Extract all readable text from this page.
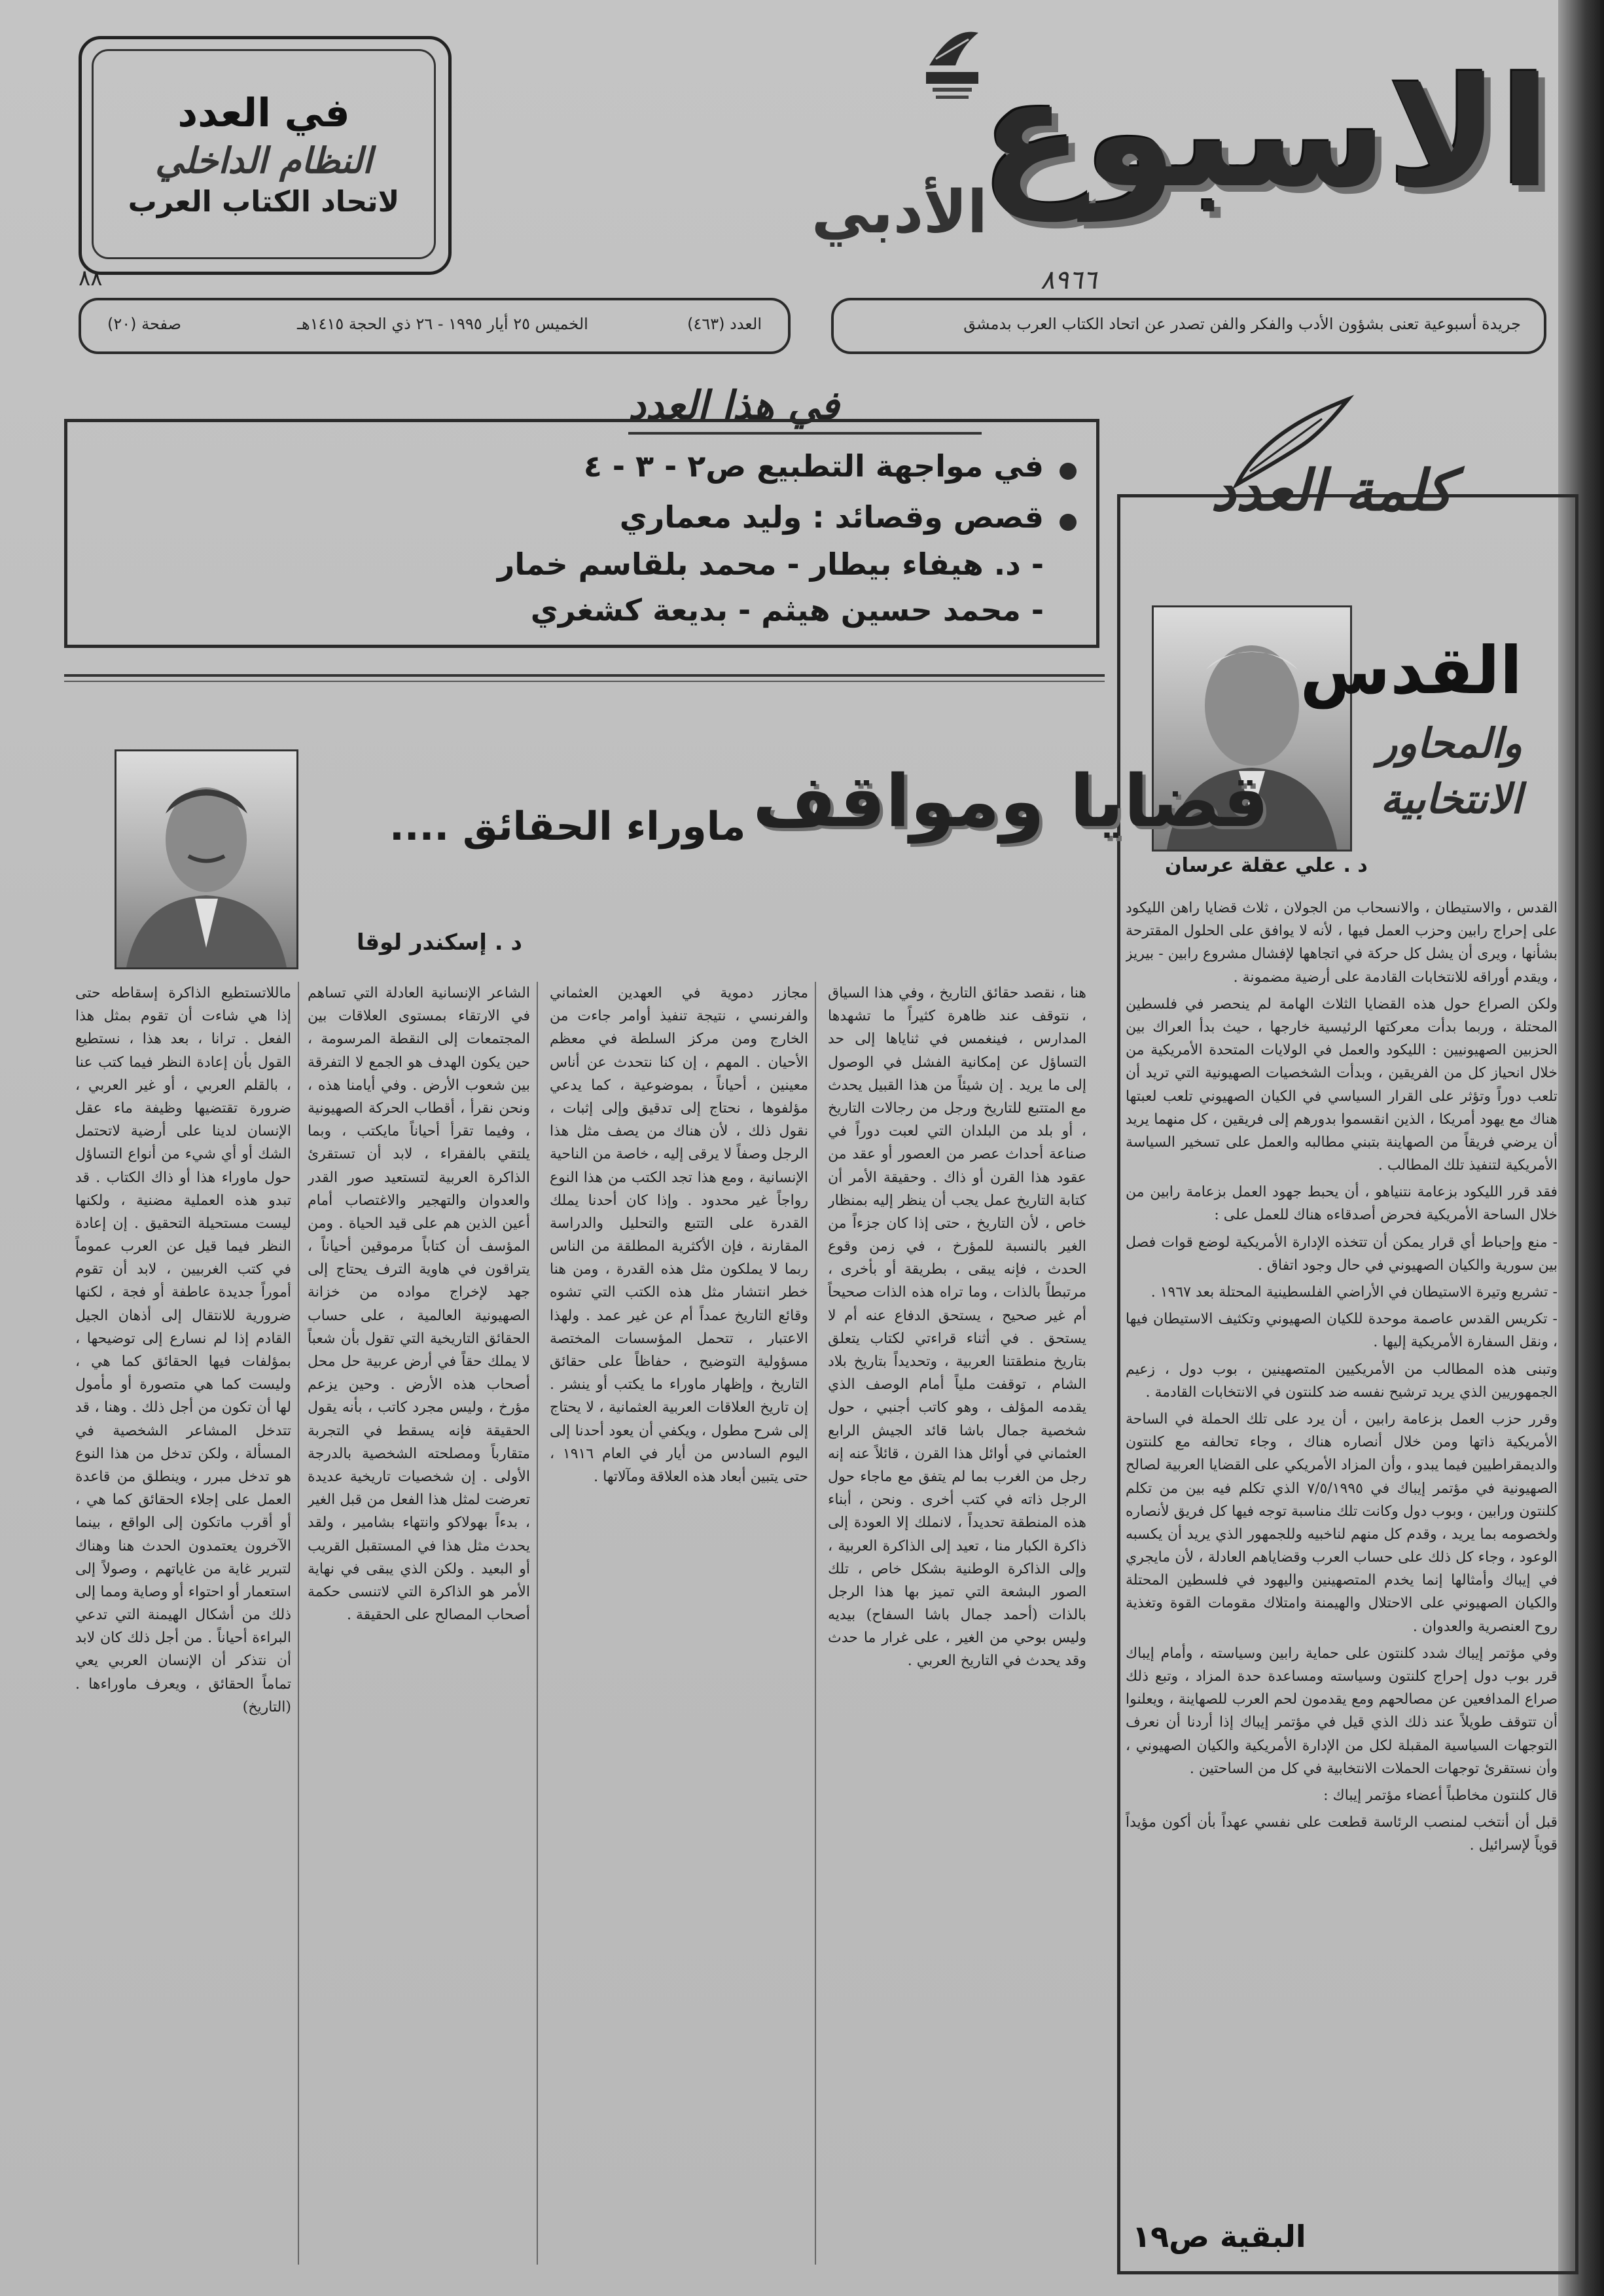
في العدد
النظام الداخلي
لاتحاد الكتاب العرب	الاسبوع
الأدبي
٨٩٦٦
٨٨
العدد (٤٦٣)
الخميس ٢٥ أيار ١٩٩٥ - ٢٦ ذي الحجة ١٤١٥هـ
(٢٠) صفحة	جريدة أسبوعية تعنى بشؤون الأدب والفكر والفن تصدر عن اتحاد الكتاب العرب بدمشق
في هذا العدد
في مواجهة التطبيع ص٢ - ٣ - ٤
قصص وقصائد : وليد معماري
- د. هيفاء بيطار - محمد بلقاسم خمار
- محمد حسين هيثم - بديعة كشغري
كلمة العدد
د . علي عقلة عرسان
القدس
والمحاور
الانتخابية

القدس ، والاستيطان ، والانسحاب من الجولان ، ثلاث قضايا راهن الليكود على إحراج رابين وحزب العمل فيها ، لأنه لا يوافق على الحلول المقترحة بشأنها ، ويرى أن يشل كل حركة في اتجاهها لإفشال مشروع رابين - بيريز ، ويقدم أوراقه للانتخابات القادمة على أرضية مضمونة .

ولكن الصراع حول هذه القضايا الثلاث الهامة لم ينحصر في فلسطين المحتلة ، وربما بدأت معركتها الرئيسية خارجها ، حيث بدأ العراك بين الحزبين الصهيونيين : الليكود والعمل في الولايات المتحدة الأمريكية من خلال انحياز كل من الفريقين ، وبدأت الشخصيات الصهيونية التي تريد أن تلعب دوراً وتؤثر على القرار السياسي في الكيان الصهيوني تلعب لعبتها هناك مع يهود أمريكا ، الذين انقسموا بدورهم إلى فريقين ، كل منهما يريد أن يرضي فريقاً من الصهاينة بتبني مطالبه والعمل على تسخير السياسة الأمريكية لتنفيذ تلك المطالب .

فقد قرر الليكود بزعامة نتنياهو ، أن يحبط جهود العمل بزعامة رابين من خلال الساحة الأمريكية فحرض أصدقاءه هناك للعمل على :

- منع وإحباط أي قرار يمكن أن تتخذه الإدارة الأمريكية لوضع قوات فصل بين سورية والكيان الصهيوني في حال وجود اتفاق .

- تشريع وتيرة الاستيطان في الأراضي الفلسطينية المحتلة بعد ١٩٦٧ .

- تكريس القدس عاصمة موحدة للكيان الصهيوني وتكثيف الاستيطان فيها ، ونقل السفارة الأمريكية إليها .

وتبنى هذه المطالب من الأمريكيين المتصهينين ، بوب دول ، زعيم الجمهوريين الذي يريد ترشيح نفسه ضد كلنتون في الانتخابات القادمة .

وقرر حزب العمل بزعامة رابين ، أن يرد على تلك الحملة في الساحة الأمريكية ذاتها ومن خلال أنصاره هناك ، وجاء تحالفه مع كلنتون والديمقراطيين فيما يبدو ، وأن المزاد الأمريكي على القضايا العربية لصالح الصهيونية في مؤتمر إيباك في ٧/٥/١٩٩٥ الذي تكلم فيه بين من تكلم كلنتون ورابين ، وبوب دول وكانت تلك مناسبة توجه فيها كل فريق لأنصاره ولخصومه بما يريد ، وقدم كل منهم لناخبيه وللجمهور الذي يريد أن يكسبه الوعود ، وجاء كل ذلك على حساب العرب وقضاياهم العادلة ، لأن مايجري في إيباك وأمثالها إنما يخدم المتصهينين واليهود في فلسطين المحتلة والكيان الصهيوني على الاحتلال والهيمنة وامتلاك مقومات القوة وتغذية روح العنصرية والعدوان .

وفي مؤتمر إيباك شدد كلنتون على حماية رابين وسياسته ، وأمام إيباك قرر بوب دول إحراج كلنتون وسياسته ومساعدة حدة المزاد ، وتبع ذلك صراع المدافعين عن مصالحهم ومع يقدمون لحم العرب للصهاينة ، ويعلنوا أن تتوقف طويلاً عند ذلك الذي قيل في مؤتمر إيباك إذا أردنا أن نعرف التوجهات السياسية المقبلة لكل من الإدارة الأمريكية والكيان الصهيوني ، وأن نستقرئ توجهات الحملات الانتخابية في كل من الساحتين .

قال كلنتون مخاطباً أعضاء مؤتمر إيباك :

قبل أن أنتخب لمنصب الرئاسة قطعت على نفسي عهداً بأن أكون مؤيداً قوياً لإسرائيل .

البقية ص١٩
قضايا ومواقف
ماوراء الحقائق ....
د . إسكندر لوقا
هنا ، نقصد حقائق التاريخ ، وفي هذا السياق ، نتوقف عند ظاهرة كثيراً ما تشهدها المدارس ، فينغمس في ثناياها إلى حد التساؤل عن إمكانية الفشل في الوصول إلى ما يريد . إن شيئاً من هذا القبيل يحدث مع المتتبع للتاريخ ورجل من رجالات التاريخ ، أو بلد من البلدان التي لعبت دوراً في صناعة أحداث عصر من العصور أو عقد من عقود هذا القرن أو ذاك . وحقيقة الأمر أن كتابة التاريخ عمل يجب أن ينظر إليه بمنظار خاص ، لأن التاريخ ، حتى إذا كان جزءاً من الغير بالنسبة للمؤرخ ، في زمن وقوع الحدث ، فإنه يبقى ، بطريقة أو بأخرى ، مرتبطاً بالذات ، وما تراه هذه الذات صحيحاً أم غير صحيح ، يستحق الدفاع عنه أم لا يستحق . في أثناء قراءتي لكتاب يتعلق بتاريخ منطقتنا العربية ، وتحديداً بتاريخ بلاد الشام ، توقفت ملياً أمام الوصف الذي يقدمه المؤلف ، وهو كاتب أجنبي ، حول شخصية جمال باشا قائد الجيش الرابع العثماني في أوائل هذا القرن ، قائلاً عنه إنه رجل من الغرب بما لم يتفق مع ماجاء حول الرجل ذاته في كتب أخرى . ونحن ، أبناء هذه المنطقة تحديداً ، لانملك إلا العودة إلى ذاكرة الكبار منا ، تعيد إلى الذاكرة العربية ، وإلى الذاكرة الوطنية بشكل خاص ، تلك الصور البشعة التي تميز بها هذا الرجل بالذات (أحمد جمال باشا السفاح) بيديه وليس بوحي من الغير ، على غرار ما حدث وقد يحدث في التاريخ العربي .
مجازر دموية في العهدين العثماني والفرنسي ، نتيجة تنفيذ أوامر جاءت من الخارج ومن مركز السلطة في معظم الأحيان . المهم ، إن كنا نتحدث عن أناس معينين ، أحياناً ، بموضوعية ، كما يدعي مؤلفوها ، نحتاج إلى تدقيق وإلى إثبات ، نقول ذلك ، لأن هناك من يصف مثل هذا الرجل وصفاً لا يرقى إليه ، خاصة من الناحية الإنسانية ، ومع هذا تجد الكتب من هذا النوع رواجاً غير محدود . وإذا كان أحدنا يملك القدرة على التتبع والتحليل والدراسة المقارنة ، فإن الأكثرية المطلقة من الناس ربما لا يملكون مثل هذه القدرة ، ومن هنا خطر انتشار مثل هذه الكتب التي تشوه وقائع التاريخ عمداً أم عن غير عمد . ولهذا الاعتبار ، تتحمل المؤسسات المختصة مسؤولية التوضيح ، حفاظاً على حقائق التاريخ ، وإظهار ماوراء ما يكتب أو ينشر . إن تاريخ العلاقات العربية العثمانية ، لا يحتاج إلى شرح مطول ، ويكفي أن يعود أحدنا إلى اليوم السادس من أيار في العام ١٩١٦ ، حتى يتبين أبعاد هذه العلاقة ومآلاتها .
الشاعر الإنسانية العادلة التي تساهم في الارتقاء بمستوى العلاقات بين المجتمعات إلى النقطة المرسومة ، حين يكون الهدف هو الجمع لا التفرقة بين شعوب الأرض . وفي أيامنا هذه ، ونحن نقرأ ، أقطاب الحركة الصهيونية ، وفيما تقرأ أحياناً مايكتب ، وبما يلتقي بالفقراء ، لابد أن تستقرئ الذاكرة العربية لتستعيد صور القدر والعدوان والتهجير والاغتصاب أمام أعين الذين هم على قيد الحياة . ومن المؤسف أن كتاباً مرموقين أحياناً ، يتراقون في هاوية الترف يحتاج إلى جهد لإخراج مواده من خزانة الصهيونية العالمية ، على حساب الحقائق التاريخية التي تقول بأن شعباً لا يملك حقاً في أرض عربية حل محل أصحاب هذه الأرض . وحين يزعم مؤرخ ، وليس مجرد كاتب ، بأنه يقول الحقيقة فإنه يسقط في التجربة متقارباً ومصلحته الشخصية بالدرجة الأولى . إن شخصيات تاريخية عديدة تعرضت لمثل هذا الفعل من قبل الغير ، بدءاً بهولاكو وانتهاء بشامير ، ولقد يحدث مثل هذا في المستقبل القريب أو البعيد . ولكن الذي يبقى في نهاية الأمر هو الذاكرة التي لاتنسى حكمة أصحاب المصالح على الحقيقة .
ماللاتستطيع الذاكرة إسقاطه حتى إذا هي شاءت أن تقوم بمثل هذا الفعل . ترانا ، بعد هذا ، نستطيع القول بأن إعادة النظر فيما كتب عنا ، بالقلم العربي ، أو غير العربي ، ضرورة تقتضيها وظيفة ماء عقل الإنسان لدينا على أرضية لاتحتمل الشك أو أي شيء من أنواع التساؤل حول ماوراء هذا أو ذاك الكتاب . قد تبدو هذه العملية مضنية ، ولكنها ليست مستحيلة التحقيق . إن إعادة النظر فيما قيل عن العرب عموماً في كتب الغربيين ، لابد أن تقوم أموراً جديدة عاطفة أو فجة ، لكنها ضرورية للانتقال إلى أذهان الجيل القادم إذا لم نسارع إلى توضيحها ، بمؤلفات فيها الحقائق كما هي ، وليست كما هي متصورة أو مأمول لها أن تكون من أجل ذلك . وهنا ، قد تتدخل المشاعر الشخصية في المسألة ، ولكن تدخل من هذا النوع هو تدخل مبرر ، وينطلق من قاعدة العمل على إجلاء الحقائق كما هي ، أو أقرب ماتكون إلى الواقع ، بينما الآخرون يعتمدون الحدث هنا وهناك لتبرير غاية من غاياتهم ، وصولاً إلى استعمار أو احتواء أو وصاية ومما إلى ذلك من أشكال الهيمنة التي تدعي البراءة أحياناً . من أجل ذلك كان لابد أن نتذكر أن الإنسان العربي يعي تماماً الحقائق ، ويعرف ماوراءها . (التاريخ)
